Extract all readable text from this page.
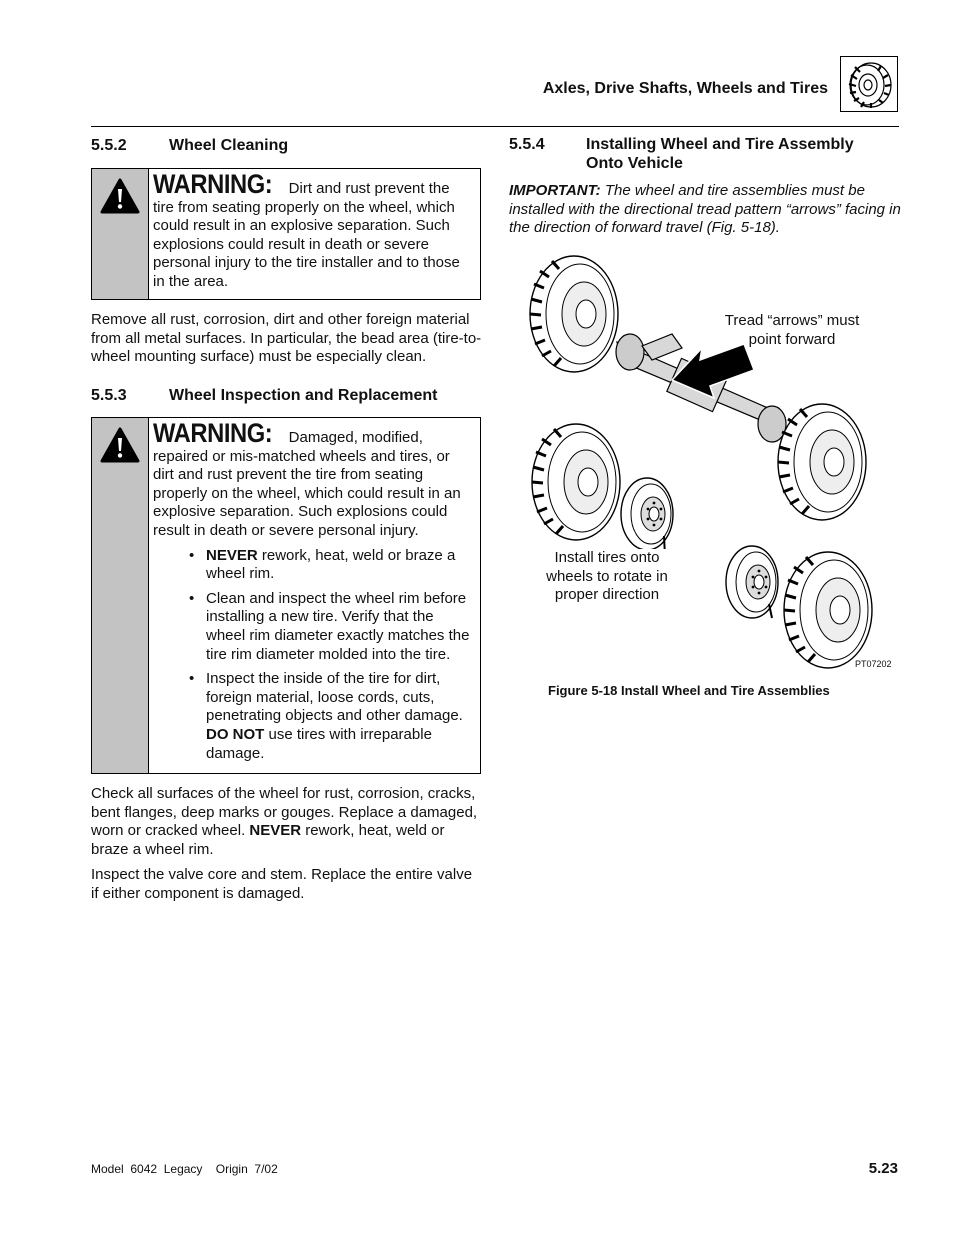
Axles, Drive Shafts, Wheels and Tires
5.5.2	Wheel Cleaning
WARNING: Dirt and rust prevent the tire from seating properly on the wheel, which could result in an explosive separation. Such explosions could result in death or severe personal injury to the tire installer and to those in the area.

Remove all rust, corrosion, dirt and other foreign material from all metal surfaces. In particular, the bead area (tire-to-wheel mounting surface) must be especially clean.

5.5.3	Wheel Inspection and Replacement
WARNING: Damaged, modified, repaired or mis-matched wheels and tires, or dirt and rust prevent the tire from seating properly on the wheel, which could result in an explosive separation. Such explosions could result in death or severe personal injury.
• NEVER rework, heat, weld or braze a wheel rim.
• Clean and inspect the wheel rim before installing a new tire. Verify that the wheel rim diameter exactly matches the tire rim diameter molded into the tire.
• Inspect the inside of the tire for dirt, foreign material, loose cords, cuts, penetrating objects and other damage. DO NOT use tires with irreparable damage.

Check all surfaces of the wheel for rust, corrosion, cracks, bent flanges, deep marks or gouges. Replace a damaged, worn or cracked wheel. NEVER rework, heat, weld or braze a wheel rim.

Inspect the valve core and stem. Replace the entire valve if either component is damaged.

5.5.4	Installing Wheel and Tire Assembly
Onto Vehicle

IMPORTANT: The wheel and tire assemblies must be installed with the directional tread pattern “arrows” facing in the direction of forward travel (Fig. 5-18).

Tread “arrows” must
point forward
Install tires onto
wheels to rotate in
proper direction
PT07202
Figure 5-18 Install Wheel and Tire Assemblies
Model  6042  Legacy    Origin  7/02	5.23
